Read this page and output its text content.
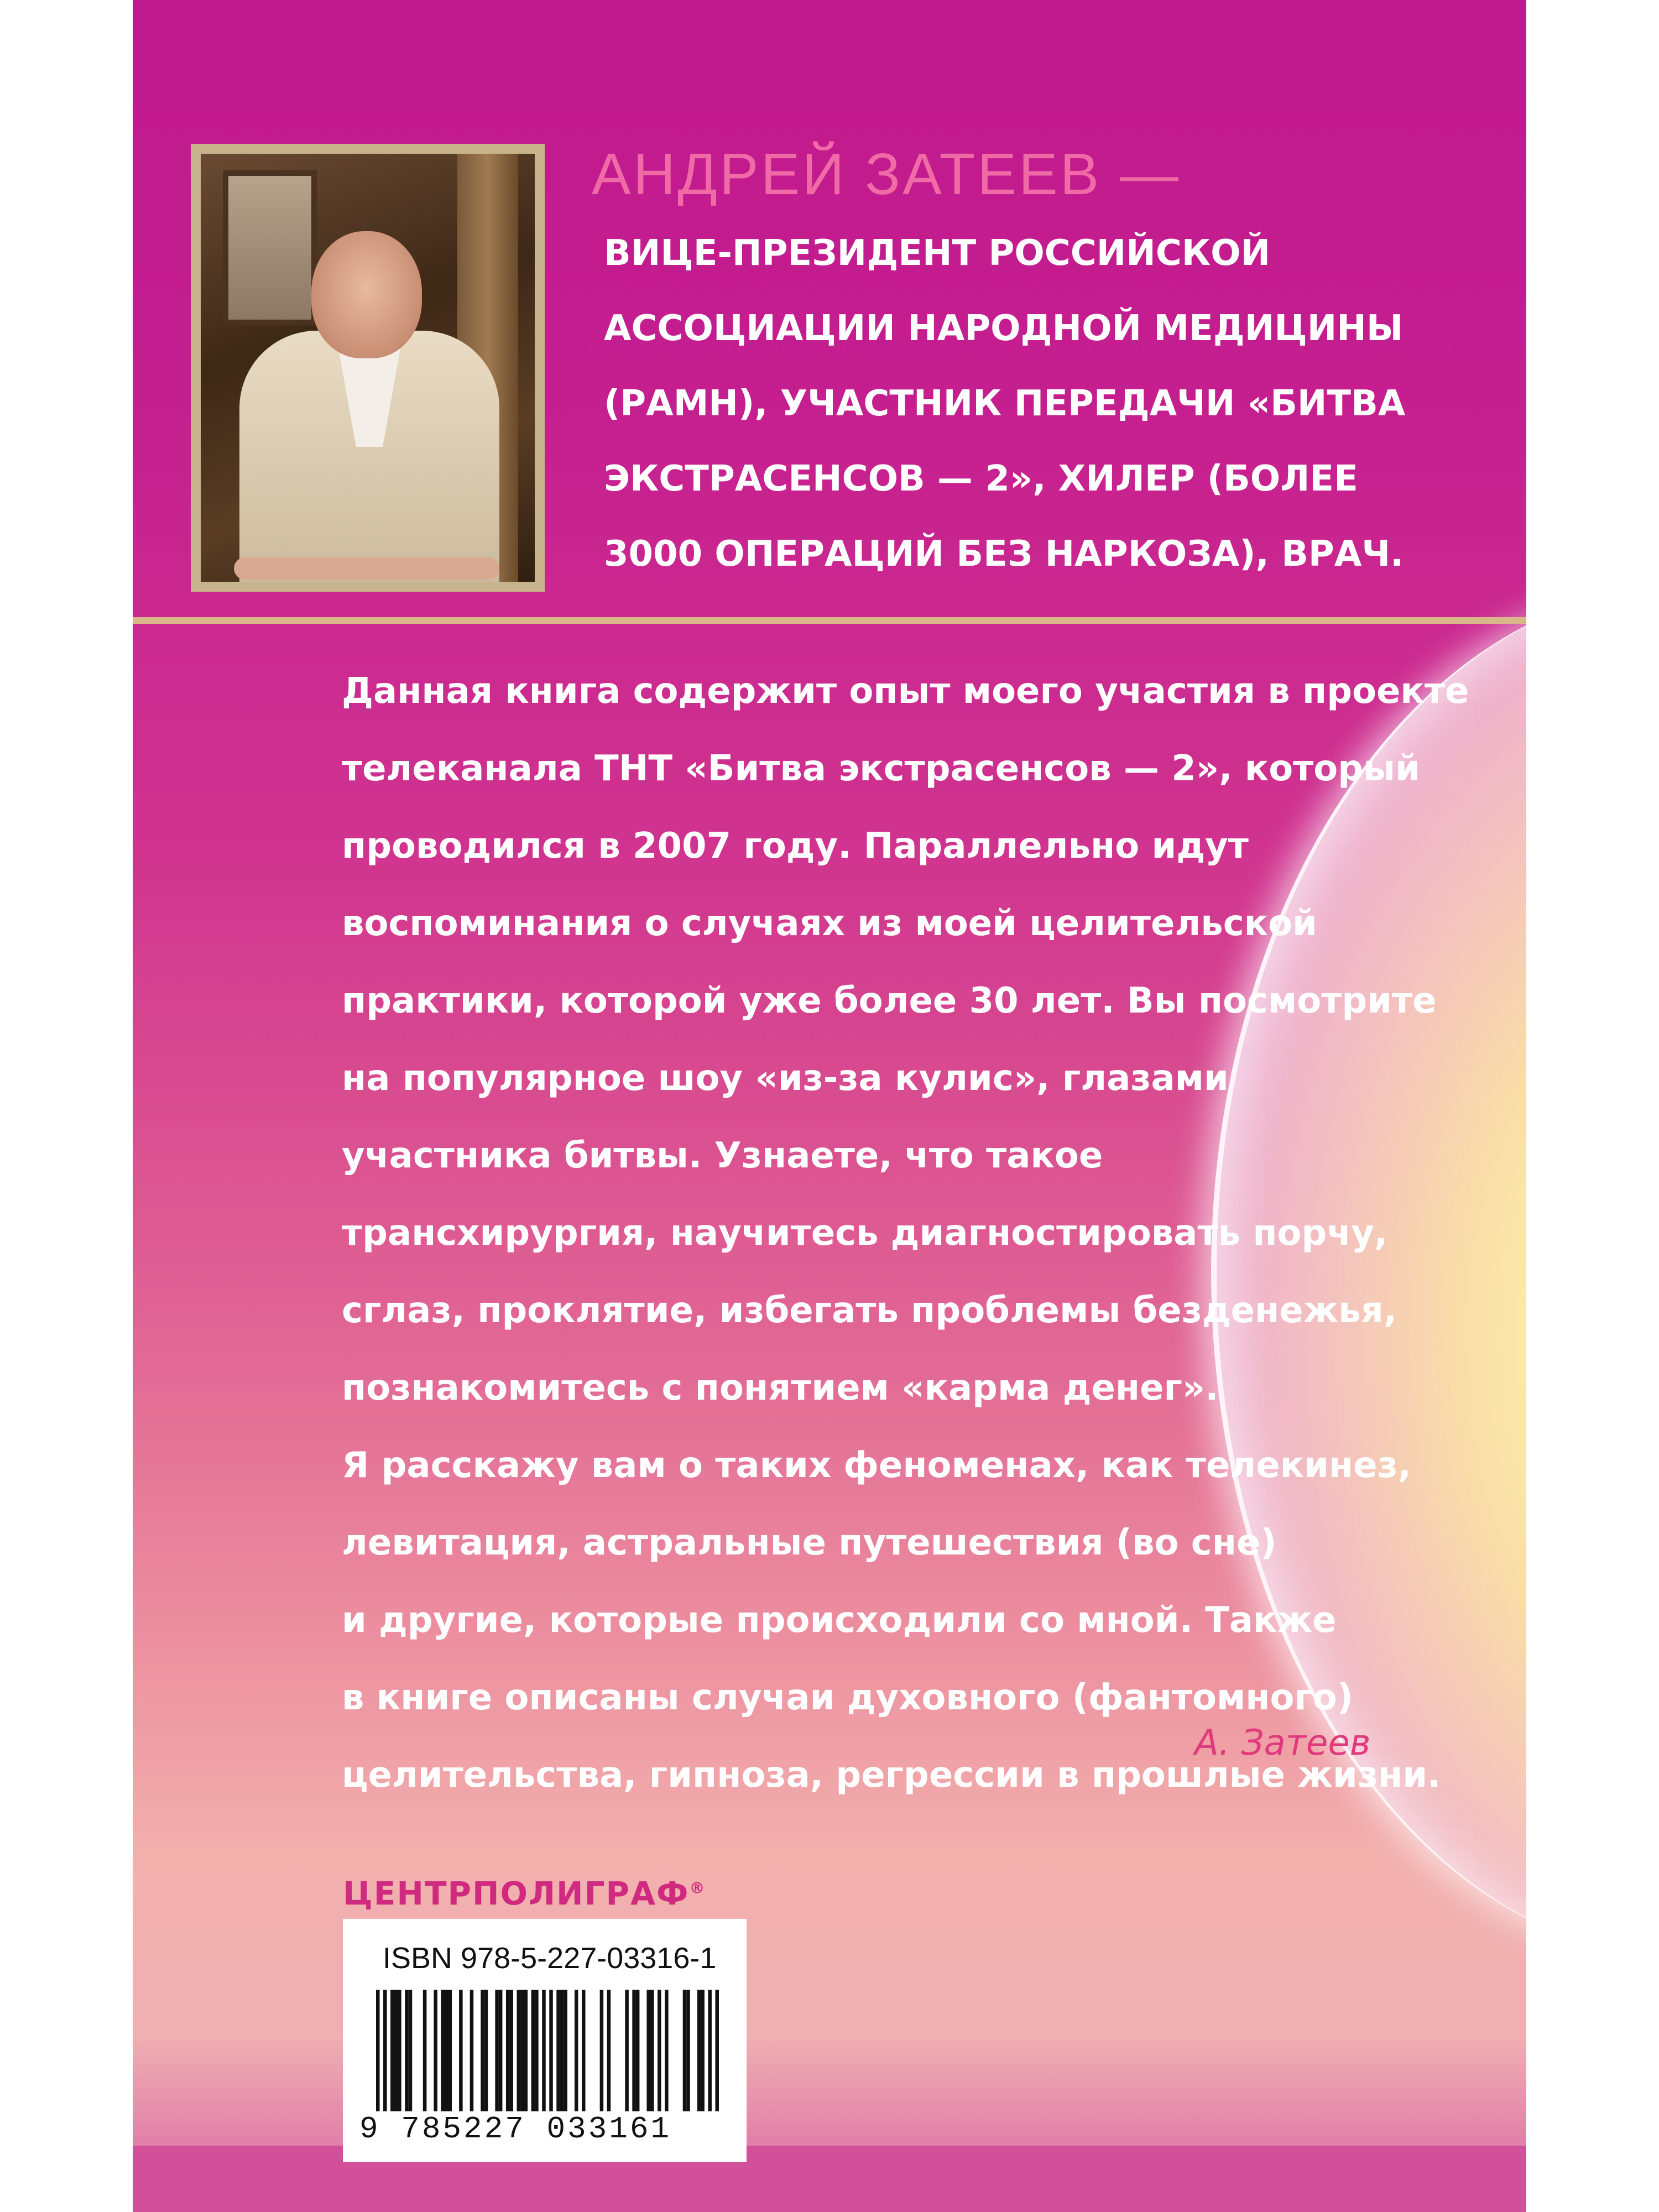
АНДРЕЙ ЗАТЕЕВ —
ВИЦЕ-ПРЕЗИДЕНТ РОССИЙСКОЙ
АССОЦИАЦИИ НАРОДНОЙ МЕДИЦИНЫ
(РАМН), УЧАСТНИК ПЕРЕДАЧИ «БИТВА
ЭКСТРАСЕНСОВ — 2», ХИЛЕР (БОЛЕЕ
3000 ОПЕРАЦИЙ БЕЗ НАРКОЗА), ВРАЧ.
Данная книга содержит опыт моего участия в проекте
телеканала ТНТ «Битва экстрасенсов — 2», который
проводился в 2007 году. Параллельно идут
воспоминания о случаях из моей целительской
практики, которой уже более 30 лет. Вы посмотрите
на популярное шоу «из-за кулис», глазами
участника битвы. Узнаете, что такое
трансхирургия, научитесь диагностировать порчу,
сглаз, проклятие, избегать проблемы безденежья,
познакомитесь с понятием «карма денег».
Я расскажу вам о таких феноменах, как телекинез,
левитация, астральные путешествия (во сне)
и другие, которые происходили со мной. Также
в книге описаны случаи духовного (фантомного)
целительства, гипноза, регрессии в прошлые жизни.
А. Затеев
ЦЕНТРПОЛИГРАФ®
ISBN 978-5-227-03316-1
9 785227 033161
